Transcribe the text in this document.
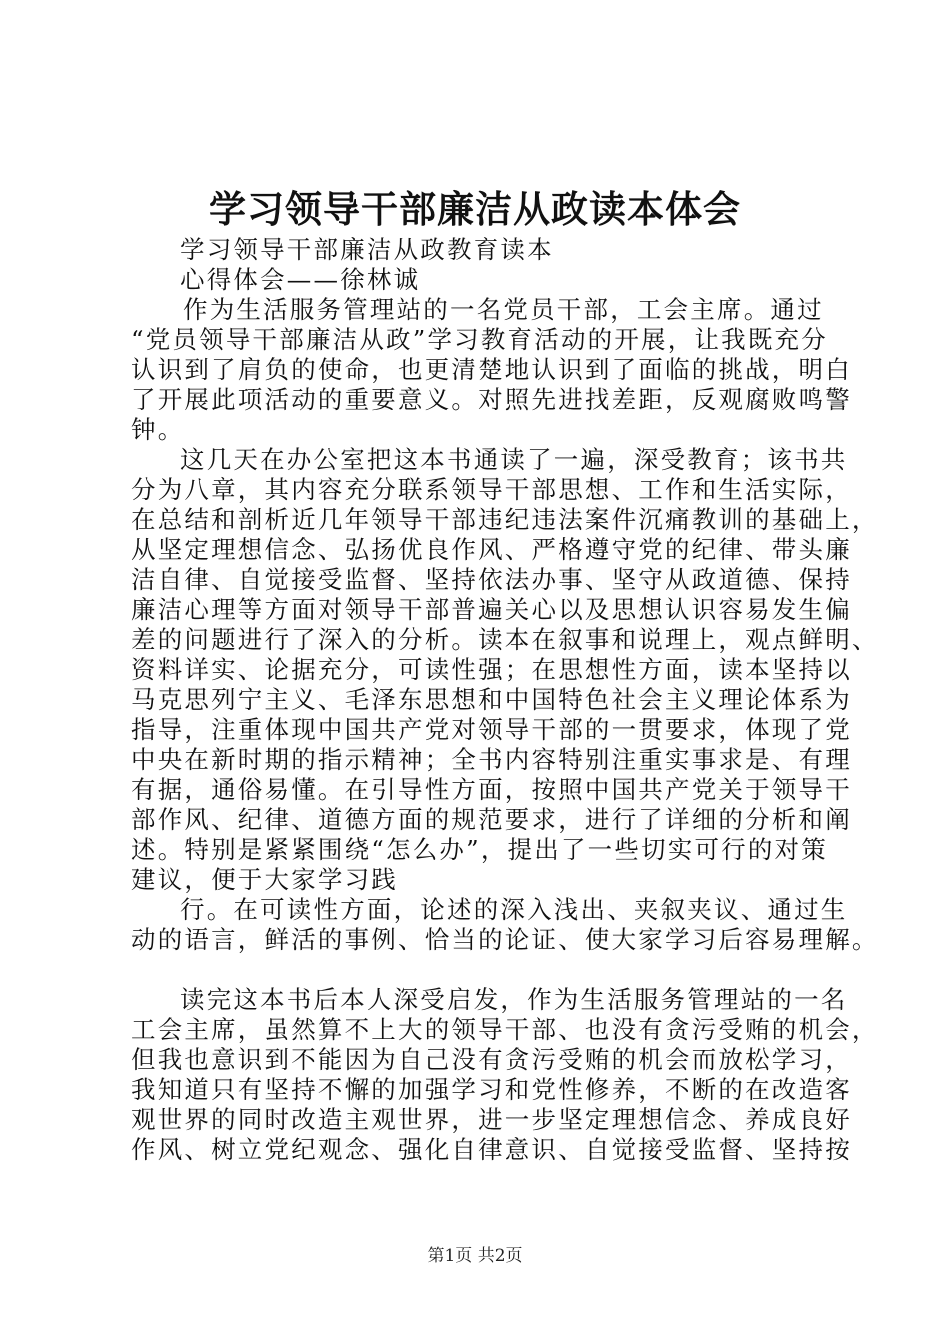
学习领导干部廉洁从政读本体会
学习领导干部廉洁从政教育读本
心得体会——徐林诚
作为生活服务管理站的一名党员干部，工会主席。通过
“党员领导干部廉洁从政”学习教育活动的开展，让我既充分
认识到了肩负的使命，也更清楚地认识到了面临的挑战，明白
了开展此项活动的重要意义。对照先进找差距，反观腐败鸣警
钟。
这几天在办公室把这本书通读了一遍，深受教育；该书共
分为八章，其内容充分联系领导干部思想、工作和生活实际，
在总结和剖析近几年领导干部违纪违法案件沉痛教训的基础上，
从坚定理想信念、弘扬优良作风、严格遵守党的纪律、带头廉
洁自律、自觉接受监督、坚持依法办事、坚守从政道德、保持
廉洁心理等方面对领导干部普遍关心以及思想认识容易发生偏
差的问题进行了深入的分析。读本在叙事和说理上，观点鲜明、
资料详实、论据充分，可读性强；在思想性方面，读本坚持以
马克思列宁主义、毛泽东思想和中国特色社会主义理论体系为
指导，注重体现中国共产党对领导干部的一贯要求，体现了党
中央在新时期的指示精神；全书内容特别注重实事求是、有理
有据，通俗易懂。在引导性方面，按照中国共产党关于领导干
部作风、纪律、道德方面的规范要求，进行了详细的分析和阐
述。特别是紧紧围绕“怎么办”，提出了一些切实可行的对策
建议，便于大家学习践
行。在可读性方面，论述的深入浅出、夹叙夹议、通过生
动的语言，鲜活的事例、恰当的论证、使大家学习后容易理解。
读完这本书后本人深受启发，作为生活服务管理站的一名
工会主席，虽然算不上大的领导干部、也没有贪污受贿的机会，
但我也意识到不能因为自己没有贪污受贿的机会而放松学习，
我知道只有坚持不懈的加强学习和党性修养，不断的在改造客
观世界的同时改造主观世界，进一步坚定理想信念、养成良好
作风、树立党纪观念、强化自律意识、自觉接受监督、坚持按
第1页 共2页
